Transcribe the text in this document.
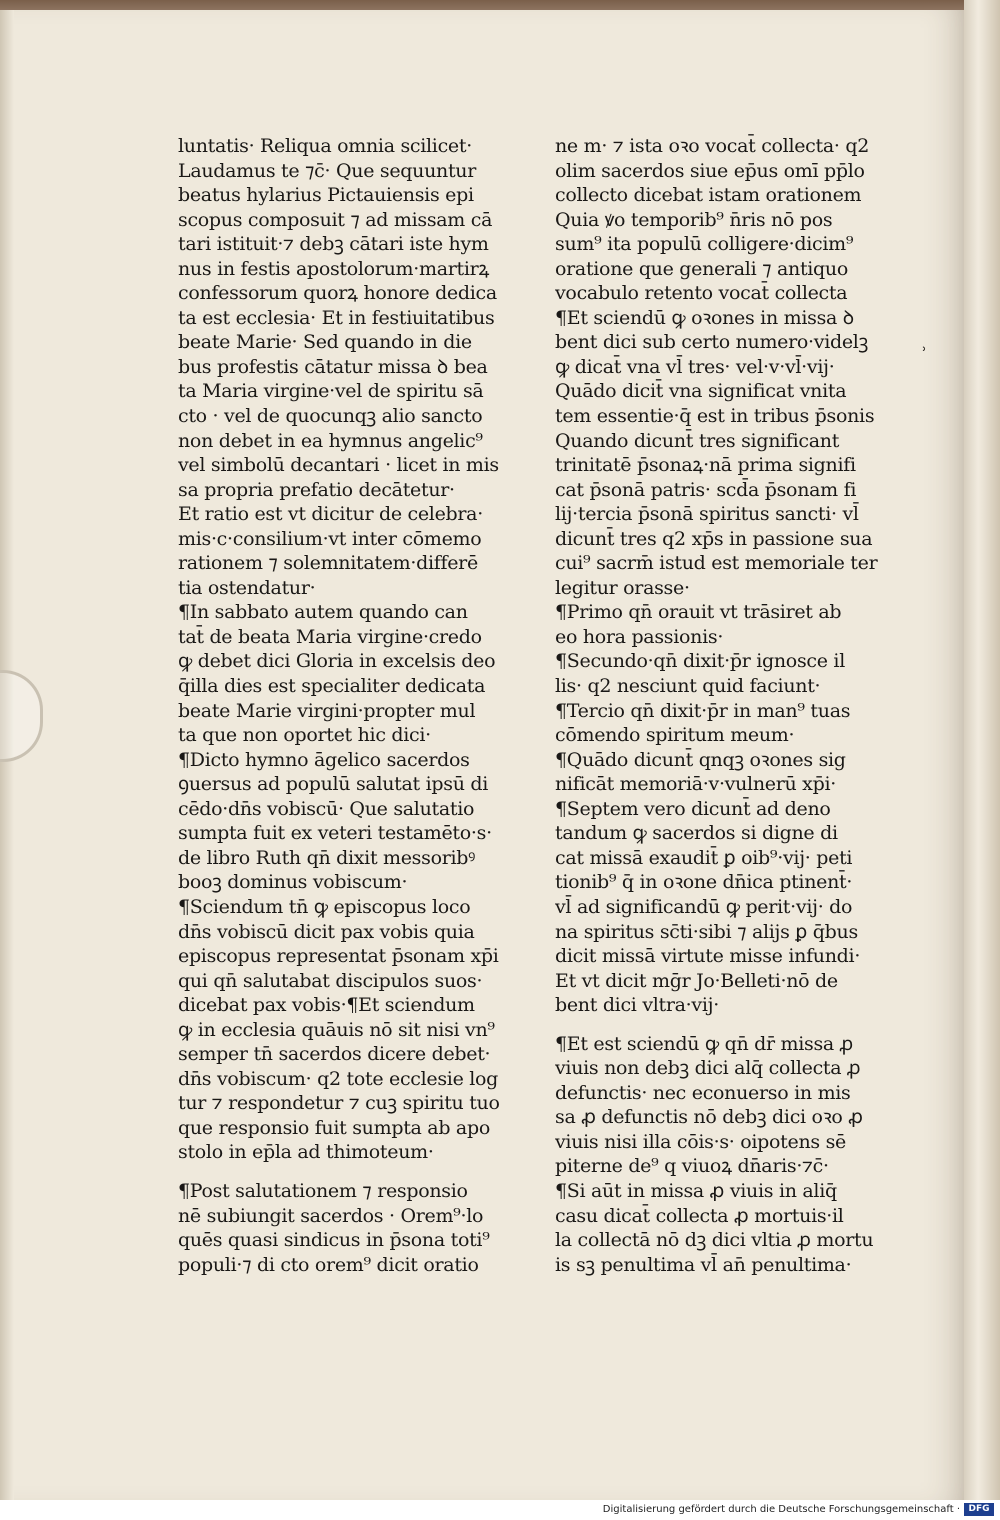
luntatis· Reliqua omnia scilicet·
Laudamus te ⁊c̄· Que sequuntur
beatus hylarius Pictauiensis epi
scopus composuit ⁊ ad missam cā
tari istituit·⁊ debꝫ cātari iste hym
nus in festis apostolorum·martirꝝ
confessorum quorꝝ honore dedica
ta est ecclesia· Et in festiuitatibus
beate Marie· Sed quando in die
bus profestis cātatur missa ꝺ bea
ta Maria virgine·vel de spiritu sā
cto · vel de quocunqꝫ alio sancto
non debet in ea hymnus angelic⁹
vel simbolū decantari · licet in mis
sa propria prefatio decātetur·
Et ratio est vt dicitur de celebra·
mis·c·consilium·vt inter cōmemo
rationem ⁊ solemnitatem·differē
tia ostendatur·
¶In sabbato autem quando can
tat̄ de beata Maria virgine·credo
ꝙ debet dici Gloria in excelsis deo
q̄illa dies est specialiter dedicata
beate Marie virgini·propter mul
ta que non oportet hic dici·
¶Dicto hymno āgelico sacerdos
ꝯuersus ad populū salutat ipsū di
cēdo·dn̄s vobiscū· Que salutatio
sumpta fuit ex veteri testamēto·s·
de libro Ruth qn̄ dixit messoribꝰ
booꝫ dominus vobiscum·
¶Sciendum tn̄ ꝙ episcopus loco
dn̄s vobiscū dicit pax vobis quia
episcopus representat p̄sonam xp̄i
qui qn̄ salutabat discipulos suos·
dicebat pax vobis·¶Et sciendum
ꝙ in ecclesia quāuis nō sit nisi vn⁹
semper tn̄ sacerdos dicere debet·
dn̄s vobiscum· q2 tote ecclesie log
tur ⁊ respondetur ⁊ cuꝫ spiritu tuo
que responsio fuit sumpta ab apo
stolo in ep̄la ad thimoteum·
¶Post salutationem ⁊ responsio
nē subiungit sacerdos · Orem⁹·lo
quēs quasi sindicus in p̄sona toti⁹
populi·⁊ di cto orem⁹ dicit oratio
ne m· ⁊ ista oꝛo vocat̄ collecta· q2
olim sacerdos siue ep̄us omī pp̄lo
collecto dicebat istam orationem
Quia ꝟo temporib⁹ n̄ris nō pos
sum⁹ ita populū colligere·dicim⁹
oratione que generali ⁊ antiquo
vocabulo retento vocat̄ collecta
¶Et sciendū ꝙ oꝛones in missa ꝺ
bent dici sub certo numero·videlꝫ
ꝙ dicat̄ vna vl̄ tres· vel·v·vl̄·vij·
Quādo dicit̄ vna significat vnita
tem essentie·q̄ est in tribus p̄sonis
Quando dicunt̄ tres significant
trinitatē p̄sonaꝝ·nā prima signifi
cat p̄sonā patris· scd̄a p̄sonam fi
lij·tercia p̄sonā spiritus sancti· vl̄
dicunt̄ tres q2 xp̄s in passione sua
cui⁹ sacrm̄ istud est memoriale ter
legitur orasse·
¶Primo qn̄ orauit vt trāsiret ab
eo hora passionis·
¶Secundo·qn̄ dixit·p̄r ignosce il
lis· q2 nesciunt quid faciunt·
¶Tercio qn̄ dixit·p̄r in man⁹ tuas
cōmendo spiritum meum·
¶Quādo dicunt̄ qnqꝫ oꝛones sig
nificāt memoriā·v·vulnerū xp̄i·
¶Septem vero dicunt̄ ad deno
tandum ꝙ sacerdos si digne di
cat missā exaudit̄ ꝑ oib⁹·vij· peti
tionib⁹ q̄ in oꝛone dn̄ica ptinent̄·
vl̄ ad significandū ꝙ perit·vij· do
na spiritus sc̄ti·sibi ⁊ alijs ꝑ q̄bus
dicit missā virtute misse infundi·
Et vt dicit mḡr Jo·Belleti·nō de
bent dici vltra·vij·
¶Et est sciendū ꝙ qn̄ dr̄ missa ꝓ
viuis non debꝫ dici alq̄ collecta ꝓ
defunctis· nec econuerso in mis
sa ꝓ defunctis nō debꝫ dici oꝛo ꝓ
viuis nisi illa cōis·s· oipotens sē
piterne de⁹ q viuoꝝ dn̄aris·⁊c̄·
¶Si aūt in missa ꝓ viuis in aliq̄
casu dicat̄ collecta ꝓ mortuis·il
la collectā nō dꝫ dici vltia ꝓ mortu
is sꝫ penultima vl̄ an̄ penultima·
ʾ
Digitalisierung gefördert durch die Deutsche Forschungsgemeinschaft · DFG
